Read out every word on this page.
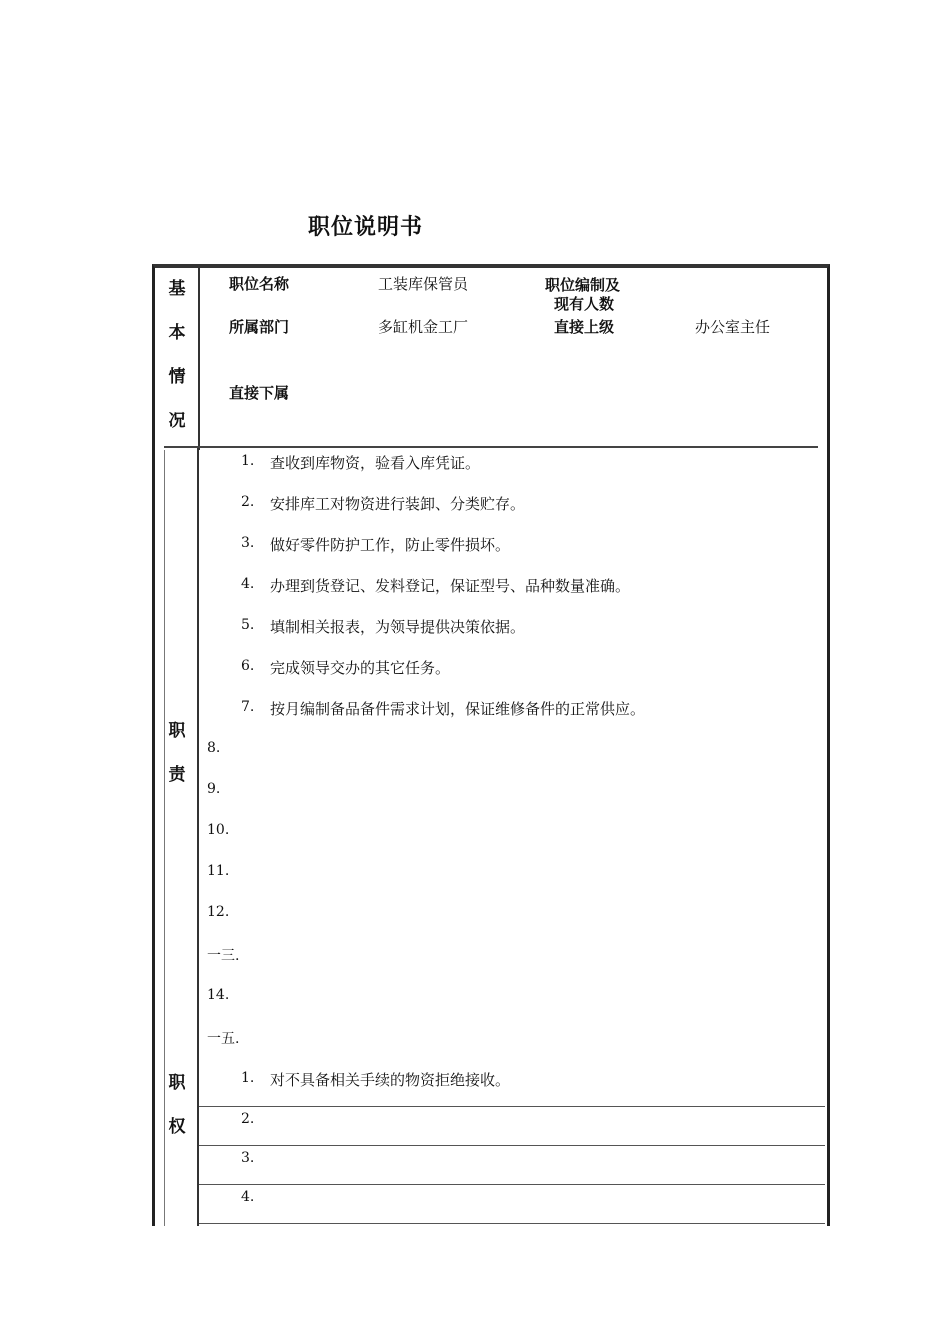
职位说明书
基
本
情
况
职位名称	工装库保管员	职位编制及
现有人数
所属部门	多缸机金工厂	直接上级	办公室主任
直接下属
职
责
1. 查收到库物资，验看入库凭证。
2. 安排库工对物资进行装卸、分类贮存。
3. 做好零件防护工作，防止零件损坏。
4. 办理到货登记、发料登记，保证型号、品种数量准确。
5. 填制相关报表，为领导提供决策依据。
6. 完成领导交办的其它任务。
7. 按月编制备品备件需求计划，保证维修备件的正常供应。
8.
9.
10.
11.
12.
一三.
14.
一五.
职
权
1. 对不具备相关手续的物资拒绝接收。
2.
3.
4.
